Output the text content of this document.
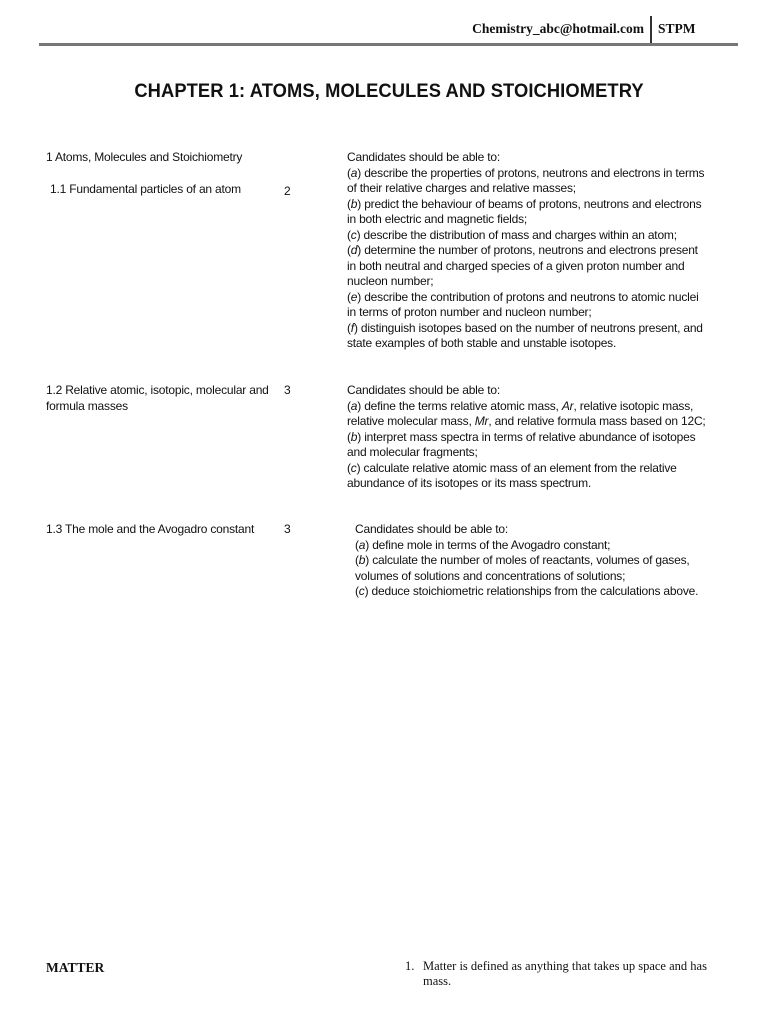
Chemistry_abc@hotmail.com STPM
CHAPTER 1: ATOMS, MOLECULES AND STOICHIOMETRY
1 Atoms, Molecules and Stoichiometry
1.1 Fundamental particles of an atom	2
Candidates should be able to:
(a) describe the properties of protons, neutrons and electrons in terms
of their relative charges and relative masses;
(b) predict the behaviour of beams of protons, neutrons and electrons
in both electric and magnetic fields;
(c) describe the distribution of mass and charges within an atom;
(d) determine the number of protons, neutrons and electrons present
in both neutral and charged species of a given proton number and
nucleon number;
(e) describe the contribution of protons and neutrons to atomic nuclei
in terms of proton number and nucleon number;
(f) distinguish isotopes based on the number of neutrons present, and
state examples of both stable and unstable isotopes.
1.2 Relative atomic, isotopic, molecular and
formula masses
3	Candidates should be able to:
(a) define the terms relative atomic mass, Ar, relative isotopic mass,
relative molecular mass, Mr, and relative formula mass based on 12C;
(b) interpret mass spectra in terms of relative abundance of isotopes
and molecular fragments;
(c) calculate relative atomic mass of an element from the relative
abundance of its isotopes or its mass spectrum.
1.3 The mole and the Avogadro constant 3	Candidates should be able to:
(a) define mole in terms of the Avogadro constant;
(b) calculate the number of moles of reactants, volumes of gases,
volumes of solutions and concentrations of solutions;
(c) deduce stoichiometric relationships from the calculations above.
MATTER	1. Matter is defined as anything that takes up space and has mass.
